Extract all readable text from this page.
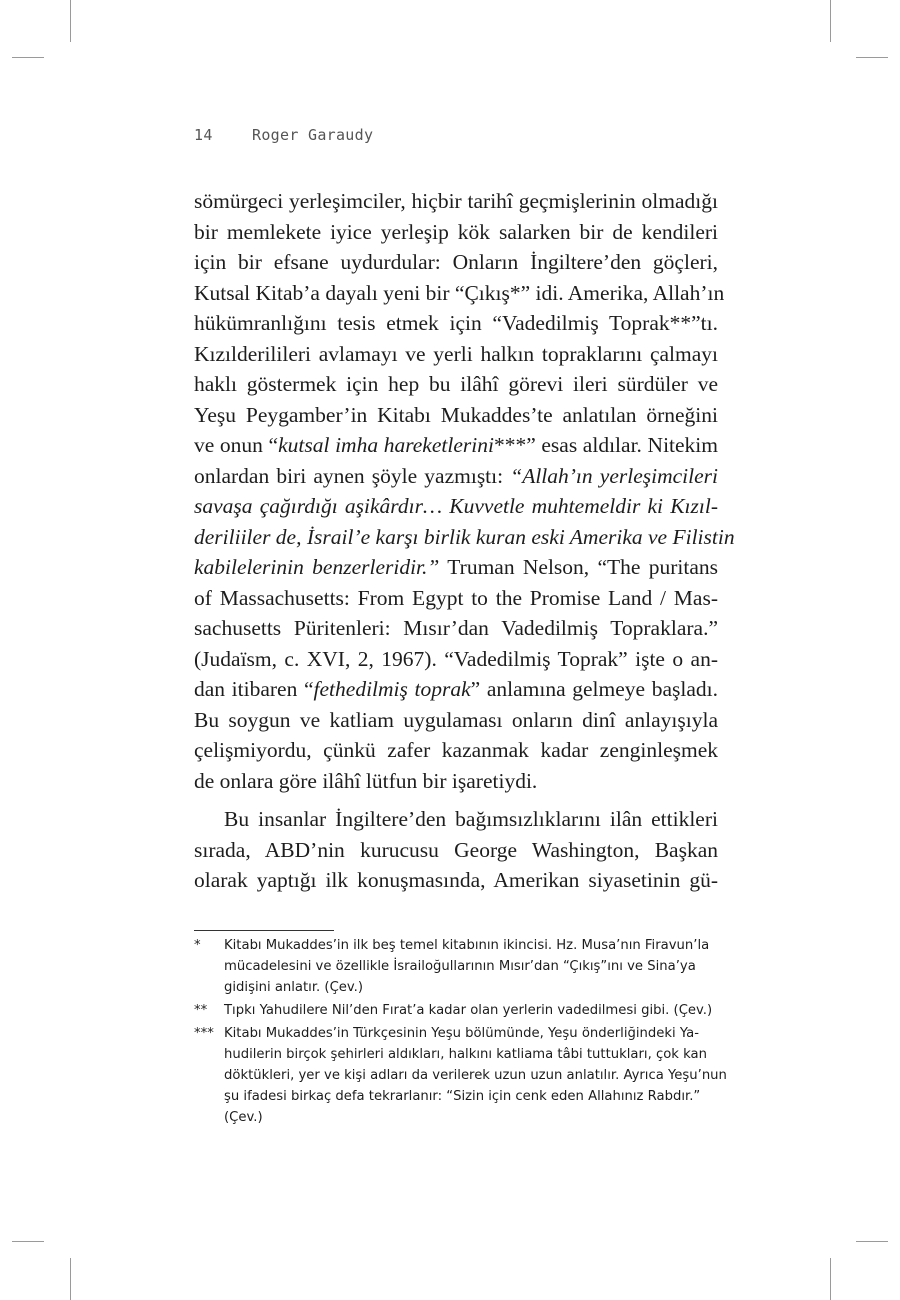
14	Roger Garaudy
sömürgeci yerleşimciler, hiçbir tarihî geçmişlerinin olmadığı
bir memlekete iyice yerleşip kök salarken bir de kendileri
için bir efsane uydurdular: Onların İngiltere’den göçleri,
Kutsal Kitab’a dayalı yeni bir “Çıkış*” idi. Amerika, Allah’ın
hükümranlığını tesis etmek için “Vadedilmiş Toprak**”tı.
Kızılderilileri avlamayı ve yerli halkın topraklarını çalmayı
haklı göstermek için hep bu ilâhî görevi ileri sürdüler ve
Yeşu Peygamber’in Kitabı Mukaddes’te anlatılan örneğini
ve onun “kutsal imha hareketlerini***” esas aldılar. Nitekim
onlardan biri aynen şöyle yazmıştı: “Allah’ın yerleşimcileri
savaşa çağırdığı aşikârdır… Kuvvetle muhtemeldir ki Kızıl-
deriliiler de, İsrail’e karşı birlik kuran eski Amerika ve Filistin
kabilelerinin benzerleridir.” Truman Nelson, “The puritans
of Massachusetts: From Egypt to the Promise Land / Mas-
sachusetts Püritenleri: Mısır’dan Vadedilmiş Topraklara.”
(Judaïsm, c. XVI, 2, 1967). “Vadedilmiş Toprak” işte o an-
dan itibaren “fethedilmiş toprak” anlamına gelmeye başladı.
Bu soygun ve katliam uygulaması onların dinî anlayışıyla
çelişmiyordu, çünkü zafer kazanmak kadar zenginleşmek
de onlara göre ilâhî lütfun bir işaretiydi.
Bu insanlar İngiltere’den bağımsızlıklarını ilân ettikleri
sırada, ABD’nin kurucusu George Washington, Başkan
olarak yaptığı ilk konuşmasında, Amerikan siyasetinin gü-
*	Kitabı Mukaddes’in ilk beş temel kitabının ikincisi. Hz. Musa’nın Firavun’la
mücadelesini ve özellikle İsrailoğullarının Mısır’dan “Çıkış”ını ve Sina’ya
gidişini anlatır. (Çev.)
**	Tıpkı Yahudilere Nil’den Fırat’a kadar olan yerlerin vadedilmesi gibi. (Çev.)
*** Kitabı Mukaddes’in Türkçesinin Yeşu bölümünde, Yeşu önderliğindeki Ya-
hudilerin birçok şehirleri aldıkları, halkını katliama tâbi tuttukları, çok kan
döktükleri, yer ve kişi adları da verilerek uzun uzun anlatılır. Ayrıca Yeşu’nun
şu ifadesi birkaç defa tekrarlanır: “Sizin için cenk eden Allahınız Rabdır.”
(Çev.)
